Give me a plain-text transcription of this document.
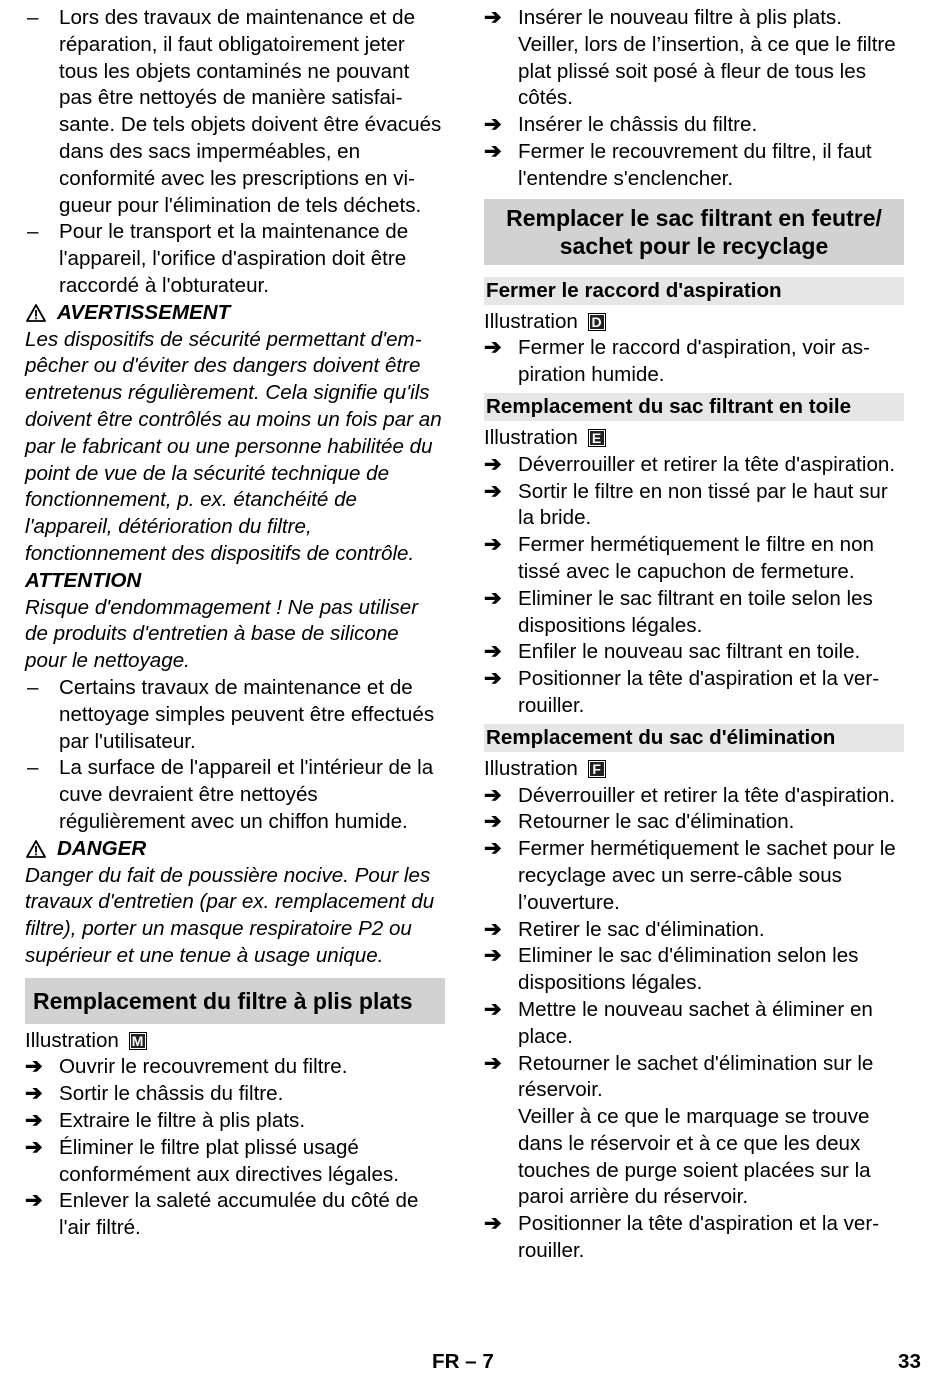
– Lors des travaux de maintenance et de réparation, il faut obligatoirement jeter tous les objets contaminés ne pouvant pas être nettoyés de manière satisfaisante. De tels objets doivent être évacués dans des sacs imperméables, en conformité avec les prescriptions en vigueur pour l'élimination de tels déchets.
– Pour le transport et la maintenance de l'appareil, l'orifice d'aspiration doit être raccordé à l'obturateur.
AVERTISSEMENT
Les dispositifs de sécurité permettant d'empêcher ou d'éviter des dangers doivent être entretenus régulièrement. Cela signifie qu'ils doivent être contrôlés au moins un fois par an par le fabricant ou une personne habilitée du point de vue de la sécurité technique de fonctionnement, p. ex. étanchéité de l'appareil, détérioration du filtre, fonctionnement des dispositifs de contrôle.
ATTENTION
Risque d'endommagement ! Ne pas utiliser de produits d'entretien à base de silicone pour le nettoyage.
– Certains travaux de maintenance et de nettoyage simples peuvent être effectués par l'utilisateur.
– La surface de l'appareil et l'intérieur de la cuve devraient être nettoyés régulièrement avec un chiffon humide.
DANGER
Danger du fait de poussière nocive. Pour les travaux d'entretien (par ex. remplacement du filtre), porter un masque respiratoire P2 ou supérieur et une tenue à usage unique.
Remplacement du filtre à plis plats
Illustration M
➔ Ouvrir le recouvrement du filtre.
➔ Sortir le châssis du filtre.
➔ Extraire le filtre à plis plats.
➔ Éliminer le filtre plat plissé usagé conformément aux directives légales.
➔ Enlever la saleté accumulée du côté de l'air filtré.
➔ Insérer le nouveau filtre à plis plats.
Veiller, lors de l’insertion, à ce que le filtre plat plissé soit posé à fleur de tous les côtés.
➔ Insérer le châssis du filtre.
➔ Fermer le recouvrement du filtre, il faut l'entendre s'enclencher.
Remplacer le sac filtrant en feutre/ sachet pour le recyclage
Fermer le raccord d'aspiration
Illustration D
➔ Fermer le raccord d'aspiration, voir aspiration humide.
Remplacement du sac filtrant en toile
Illustration E
➔ Déverrouiller et retirer la tête d'aspiration.
➔ Sortir le filtre en non tissé par le haut sur la bride.
➔ Fermer hermétiquement le filtre en non tissé avec le capuchon de fermeture.
➔ Eliminer le sac filtrant en toile selon les dispositions légales.
➔ Enfiler le nouveau sac filtrant en toile.
➔ Positionner la tête d'aspiration et la verrouiller.
Remplacement du sac d'élimination
Illustration F
➔ Déverrouiller et retirer la tête d'aspiration.
➔ Retourner le sac d'élimination.
➔ Fermer hermétiquement le sachet pour le recyclage avec un serre-câble sous l’ouverture.
➔ Retirer le sac d'élimination.
➔ Eliminer le sac d'élimination selon les dispositions légales.
➔ Mettre le nouveau sachet à éliminer en place.
➔ Retourner le sachet d'élimination sur le réservoir.
Veiller à ce que le marquage se trouve dans le réservoir et à ce que les deux touches de purge soient placées sur la paroi arrière du réservoir.
➔ Positionner la tête d'aspiration et la verrouiller.
FR – 7	33
